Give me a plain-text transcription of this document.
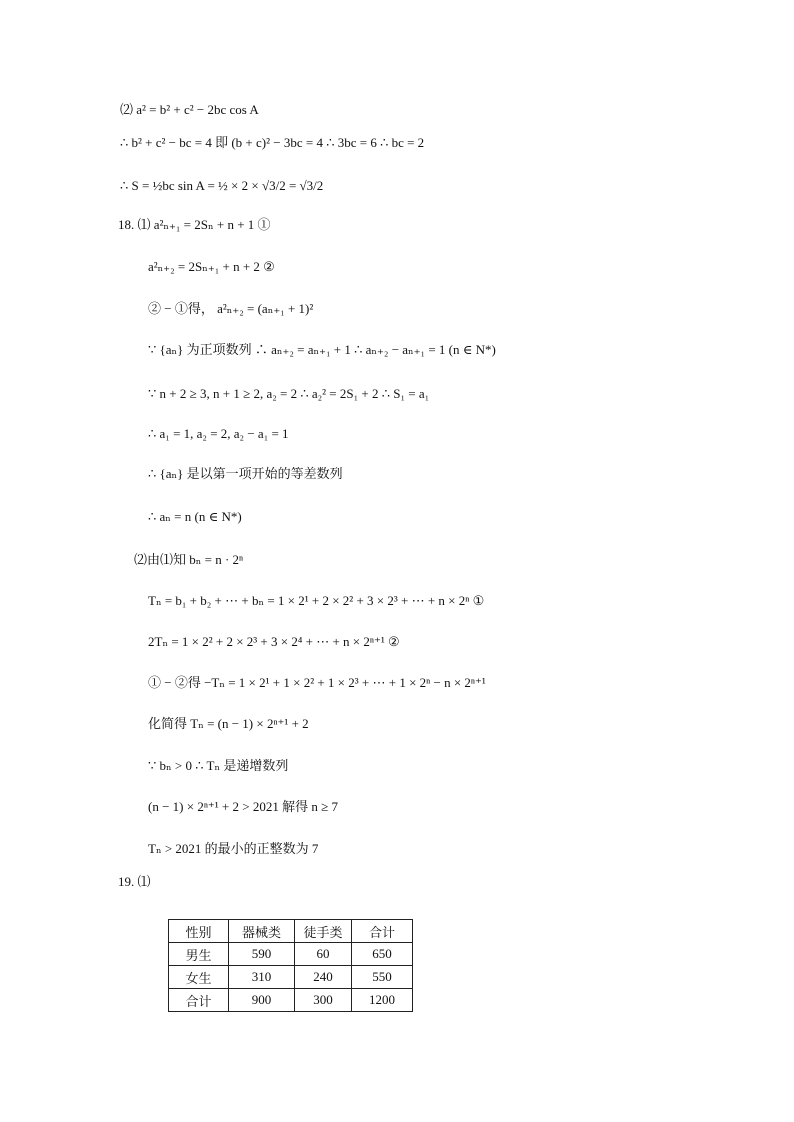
⑵ a² = b² + c² − 2bc cos A
∴ b² + c² − bc = 4 即 (b + c)² − 3bc = 4 ∴ 3bc = 6 ∴ bc = 2
∴ S = ½bc sin A = ½ × 2 × √3/2 = √3/2
18. ⑴ a²ₙ₊₁ = 2Sₙ + n + 1 ①
a²ₙ₊₂ = 2Sₙ₊₁ + n + 2 ②
② − ①得， a²ₙ₊₂ = (aₙ₊₁ + 1)²
∵ {aₙ} 为正项数列 ∴ aₙ₊₂ = aₙ₊₁ + 1 ∴ aₙ₊₂ − aₙ₊₁ = 1 (n ∈ N*)
∵ n + 2 ≥ 3, n + 1 ≥ 2, a₂ = 2 ∴ a₂² = 2S₁ + 2 ∴ S₁ = a₁
∴ a₁ = 1, a₂ = 2, a₂ − a₁ = 1
∴ {aₙ} 是以第一项开始的等差数列
∴ aₙ = n (n ∈ N*)
⑵由⑴知 bₙ = n · 2ⁿ
Tₙ = b₁ + b₂ + ⋯ + bₙ = 1 × 2¹ + 2 × 2² + 3 × 2³ + ⋯ + n × 2ⁿ ①
2Tₙ = 1 × 2² + 2 × 2³ + 3 × 2⁴ + ⋯ + n × 2ⁿ⁺¹ ②
① − ②得 −Tₙ = 1 × 2¹ + 1 × 2² + 1 × 2³ + ⋯ + 1 × 2ⁿ − n × 2ⁿ⁺¹
化简得 Tₙ = (n − 1) × 2ⁿ⁺¹ + 2
∵ bₙ > 0 ∴ Tₙ 是递增数列
(n − 1) × 2ⁿ⁺¹ + 2 > 2021 解得 n ≥ 7
Tₙ > 2021 的最小的正整数为 7
19. ⑴
性别	器械类	徒手类	合计
男生	590	60	650
女生	310	240	550
合计	900	300	1200
